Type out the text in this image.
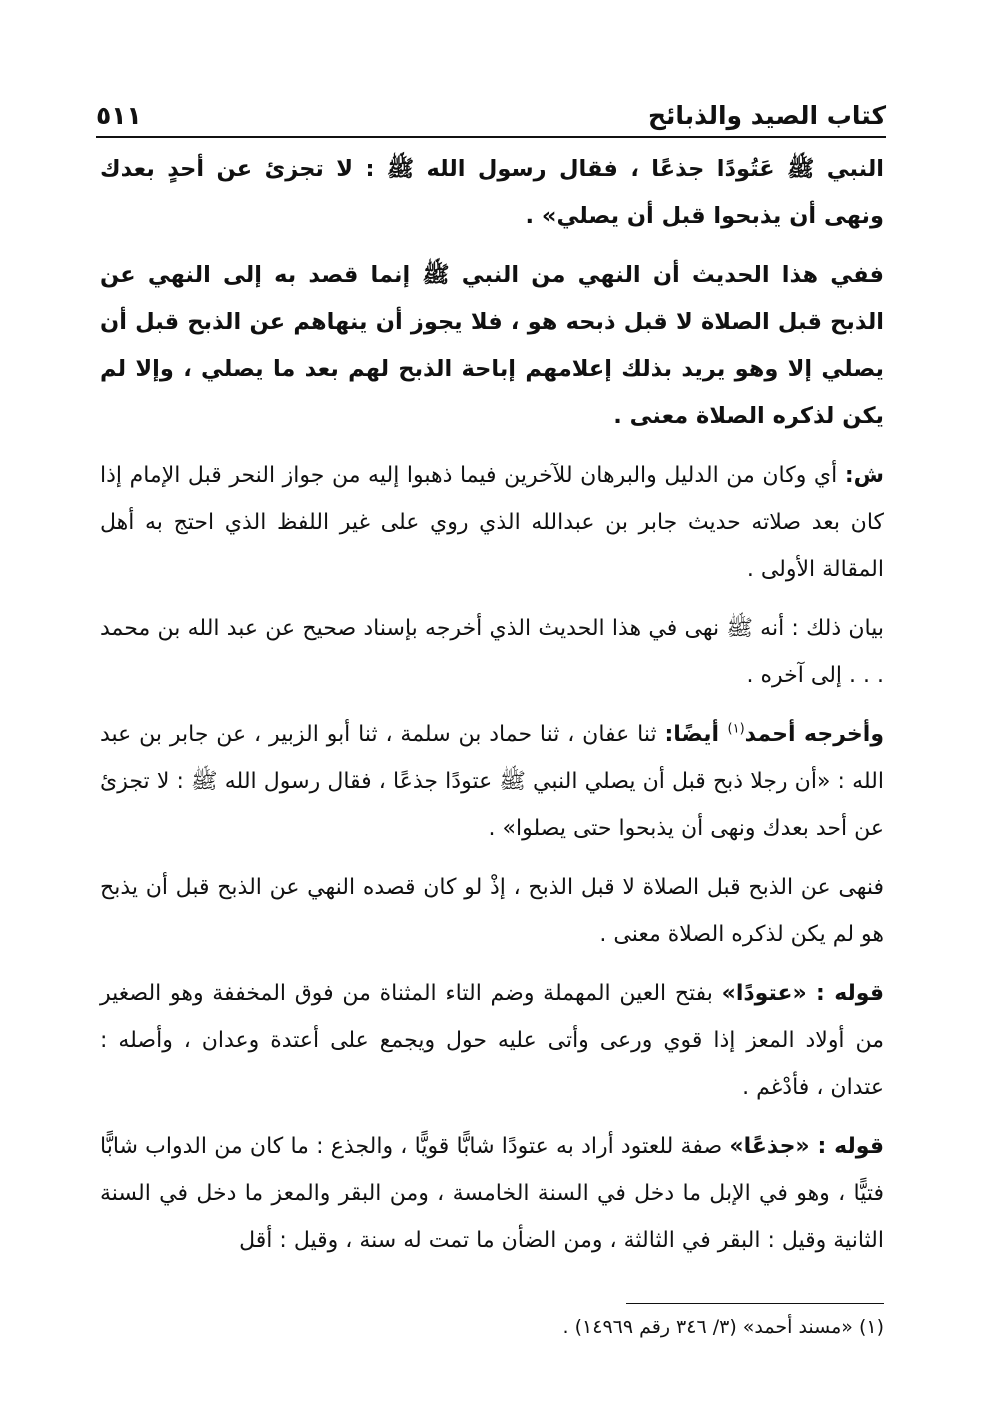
كتاب الصيد والذبائح
٥١١

النبي ﷺ عَتُودًا جذعًا ، فقال رسول الله ﷺ : لا تجزئ عن أحدٍ بعدك ونهى أن يذبحوا قبل أن يصلي» .

ففي هذا الحديث أن النهي من النبي ﷺ إنما قصد به إلى النهي عن الذبح قبل الصلاة لا قبل ذبحه هو ، فلا يجوز أن ينهاهم عن الذبح قبل أن يصلي إلا وهو يريد بذلك إعلامهم إباحة الذبح لهم بعد ما يصلي ، وإلا لم يكن لذكره الصلاة معنى .

ش: أي وكان من الدليل والبرهان للآخرين فيما ذهبوا إليه من جواز النحر قبل الإمام إذا كان بعد صلاته حديث جابر بن عبدالله الذي روي على غير اللفظ الذي احتج به أهل المقالة الأولى .

بيان ذلك : أنه ﷺ نهى في هذا الحديث الذي أخرجه بإسناد صحيح عن عبد الله بن محمد . . . إلى آخره .

وأخرجه أحمد$^{(١)}$ أيضًا: ثنا عفان ، ثنا حماد بن سلمة ، ثنا أبو الزبير ، عن جابر بن عبد الله : «أن رجلا ذبح قبل أن يصلي النبي ﷺ عتودًا جذعًا ، فقال رسول الله ﷺ : لا تجزئ عن أحد بعدك ونهى أن يذبحوا حتى يصلوا» .

فنهى عن الذبح قبل الصلاة لا قبل الذبح ، إذْ لو كان قصده النهي عن الذبح قبل أن يذبح هو لم يكن لذكره الصلاة معنى .

قوله : «عتودًا» بفتح العين المهملة وضم التاء المثناة من فوق المخففة وهو الصغير من أولاد المعز إذا قوي ورعى وأتى عليه حول ويجمع على أعتدة وعدان ، وأصله : عتدان ، فأدْغم .

قوله : «جذعًا» صفة للعتود أراد به عتودًا شابًّا قويًّا ، والجذع : ما كان من الدواب شابًّا فتيًّا ، وهو في الإبل ما دخل في السنة الخامسة ، ومن البقر والمعز ما دخل في السنة الثانية وقيل : البقر في الثالثة ، ومن الضأن ما تمت له سنة ، وقيل : أقل

(١) «مسند أحمد» (٣/ ٣٤٦ رقم ١٤٩٦٩) .
